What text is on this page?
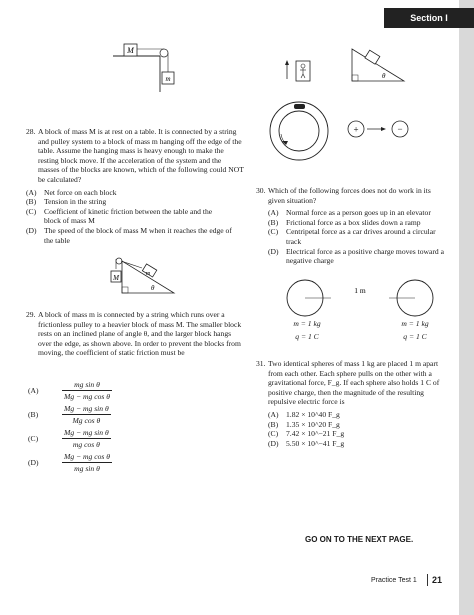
Section I
M
m	θ
+	−

28. A block of mass M is at rest on a table. It is connected by a string and pulley system to a block of mass m hanging off the edge of the table. Assume the hanging mass is heavy enough to make the resting block move. If the acceleration of the system and the masses of the blocks are known, which of the following could NOT be calculated?

(A) Net force on each block

(B) Tension in the string

(C) Coefficient of kinetic friction between the table and the block of mass M

(D) The speed of the block of mass M when it reaches the edge of the table

M	m
θ

29. A block of mass m is connected by a string which runs over a frictionless pulley to a heavier block of mass M. The smaller block rests on an inclined plane of angle θ, and the larger block hangs over the edge, as shown above. In order to prevent the blocks from moving, the coefficient of static friction must be

(A)	$\frac{\text{mg sin θ}}{\text{Mg − mg cos θ}}$
(B)	$\frac{\text{Mg − mg sin θ}}{\text{Mg cos θ}}$
(C)	$\frac{\text{Mg − mg sin θ}}{\text{mg cos θ}}$
(D)	$\frac{\text{Mg − mg cos θ}}{\text{mg sin θ}}$

30. Which of the following forces does not do work in its given situation?

(A) Normal force as a person goes up in an elevator

(B) Frictional force as a box slides down a ramp

(C) Centripetal force as a car drives around a circular track

(D) Electrical force as a positive charge moves toward a negative charge

1 m

m = 1 kg

q = 1 C

m = 1 kg

q = 1 C

31. Two identical spheres of mass 1 kg are placed 1 m apart from each other. Each sphere pulls on the other with a gravitational force, F_g. If each sphere also holds 1 C of positive charge, then the magnitude of the resulting repulsive electric force is

(A) 1.82 × 10^40 F_g

(B) 1.35 × 10^20 F_g

(C) 7.42 × 10^−21 F_g

(D) 5.50 × 10^−41 F_g

GO ON TO THE NEXT PAGE.
Practice Test 1 21
